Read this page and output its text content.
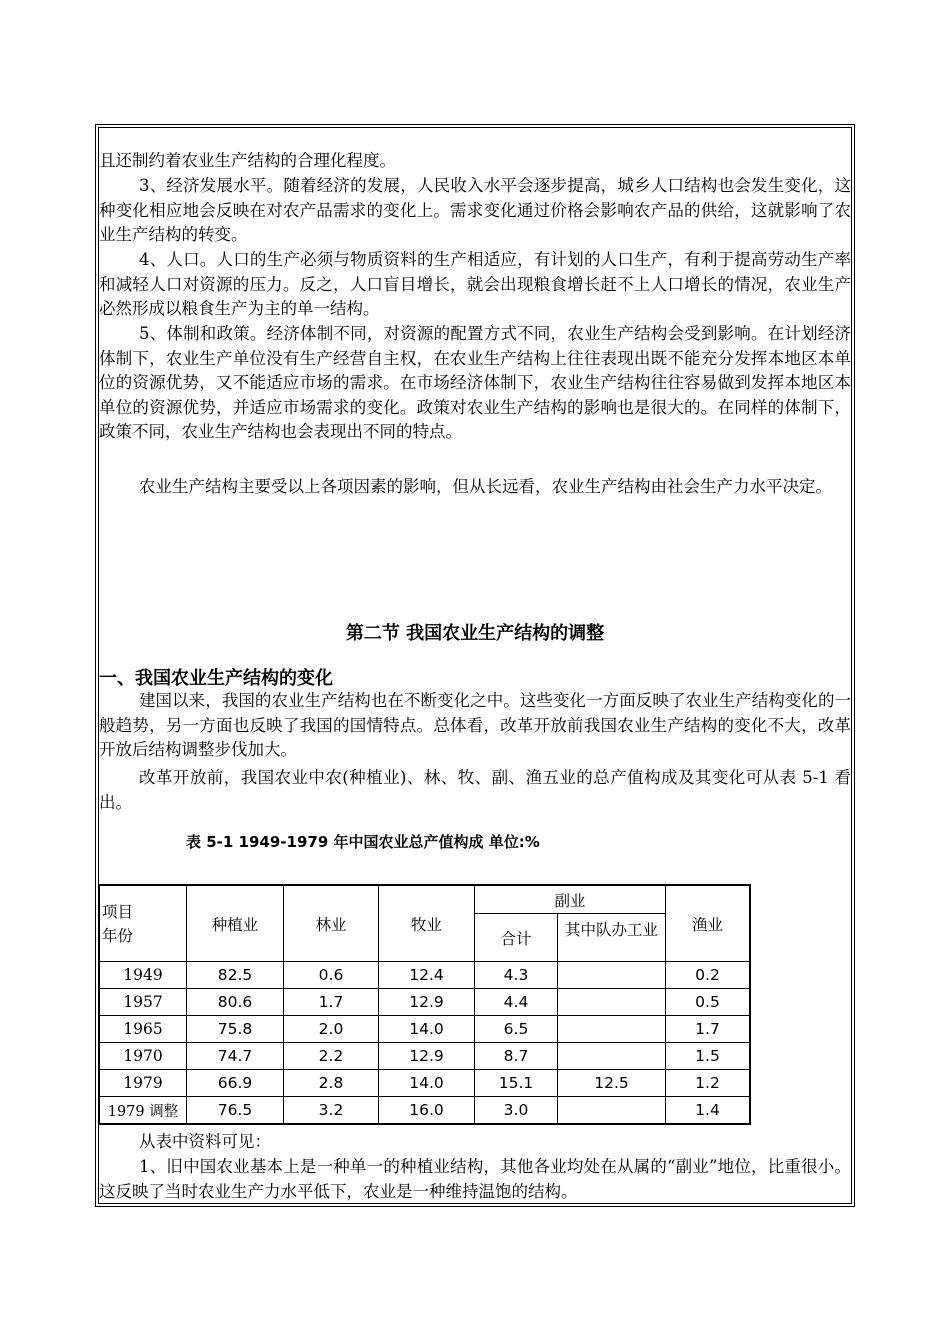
且还制约着农业生产结构的合理化程度。

3、经济发展水平。随着经济的发展，人民收入水平会逐步提高，城乡人口结构也会发生变化，这种变化相应地会反映在对农产品需求的变化上。需求变化通过价格会影响农产品的供给，这就影响了农业生产结构的转变。

4、人口。人口的生产必须与物质资料的生产相适应，有计划的人口生产，有利于提高劳动生产率和减轻人口对资源的压力。反之，人口盲目增长，就会出现粮食增长赶不上人口增长的情况，农业生产必然形成以粮食生产为主的单一结构。

5、体制和政策。经济体制不同，对资源的配置方式不同，农业生产结构会受到影响。在计划经济体制下，农业生产单位没有生产经营自主权，在农业生产结构上往往表现出既不能充分发挥本地区本单位的资源优势，又不能适应市场的需求。在市场经济体制下，农业生产结构往往容易做到发挥本地区本单位的资源优势，并适应市场需求的变化。政策对农业生产结构的影响也是很大的。在同样的体制下，政策不同，农业生产结构也会表现出不同的特点。

农业生产结构主要受以上各项因素的影响，但从长远看，农业生产结构由社会生产力水平决定。

第二节 我国农业生产结构的调整
一、我国农业生产结构的变化

建国以来，我国的农业生产结构也在不断变化之中。这些变化一方面反映了农业生产结构变化的一般趋势，另一方面也反映了我国的国情特点。总体看，改革开放前我国农业生产结构的变化不大，改革开放后结构调整步伐加大。

改革开放前，我国农业中农(种植业)、林、牧、副、渔五业的总产值构成及其变化可从表 5-1 看出。

表 5-1 1949-1979 年中国农业总产值构成 单位:%

项目
年份	种植业	林业	牧业	副业		渔业
				合计	其中队办工业	
1949	82.5	0.6	12.4	4.3		0.2
1957	80.6	1.7	12.9	4.4		0.5
1965	75.8	2.0	14.0	6.5		1.7
1970	74.7	2.2	12.9	8.7		1.5
1979	66.9	2.8	14.0	15.1	12.5	1.2
1979 调整	76.5	3.2	16.0	3.0		1.4

从表中资料可见：

1、旧中国农业基本上是一种单一的种植业结构，其他各业均处在从属的“副业”地位，比重很小。这反映了当时农业生产力水平低下，农业是一种维持温饱的结构。
